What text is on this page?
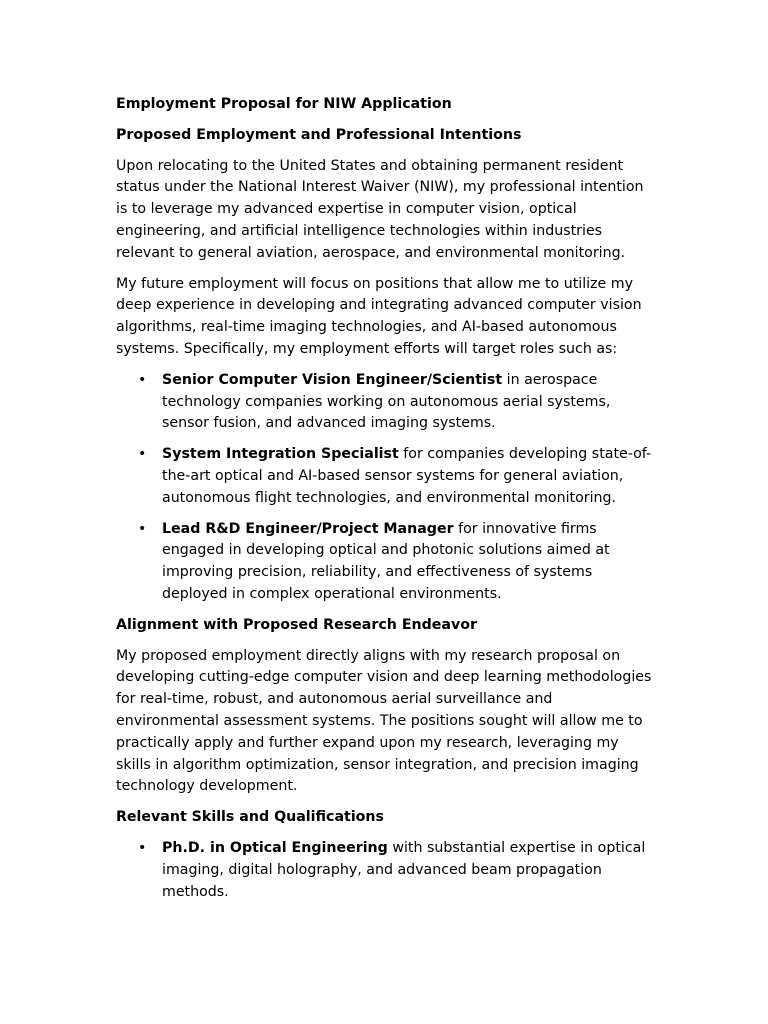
Employment Proposal for NIW Application
Proposed Employment and Professional Intentions

Upon relocating to the United States and obtaining permanent resident status under the National Interest Waiver (NIW), my professional intention is to leverage my advanced expertise in computer vision, optical engineering, and artificial intelligence technologies within industries relevant to general aviation, aerospace, and environmental monitoring.

My future employment will focus on positions that allow me to utilize my deep experience in developing and integrating advanced computer vision algorithms, real-time imaging technologies, and AI-based autonomous systems. Specifically, my employment efforts will target roles such as:

• Senior Computer Vision Engineer/Scientist in aerospace technology companies working on autonomous aerial systems, sensor fusion, and advanced imaging systems.
• System Integration Specialist for companies developing state-of-the-art optical and AI-based sensor systems for general aviation, autonomous flight technologies, and environmental monitoring.
• Lead R&D Engineer/Project Manager for innovative firms engaged in developing optical and photonic solutions aimed at improving precision, reliability, and effectiveness of systems deployed in complex operational environments.
Alignment with Proposed Research Endeavor

My proposed employment directly aligns with my research proposal on developing cutting-edge computer vision and deep learning methodologies for real-time, robust, and autonomous aerial surveillance and environmental assessment systems. The positions sought will allow me to practically apply and further expand upon my research, leveraging my skills in algorithm optimization, sensor integration, and precision imaging technology development.

Relevant Skills and Qualifications
• Ph.D. in Optical Engineering with substantial expertise in optical imaging, digital holography, and advanced beam propagation methods.
